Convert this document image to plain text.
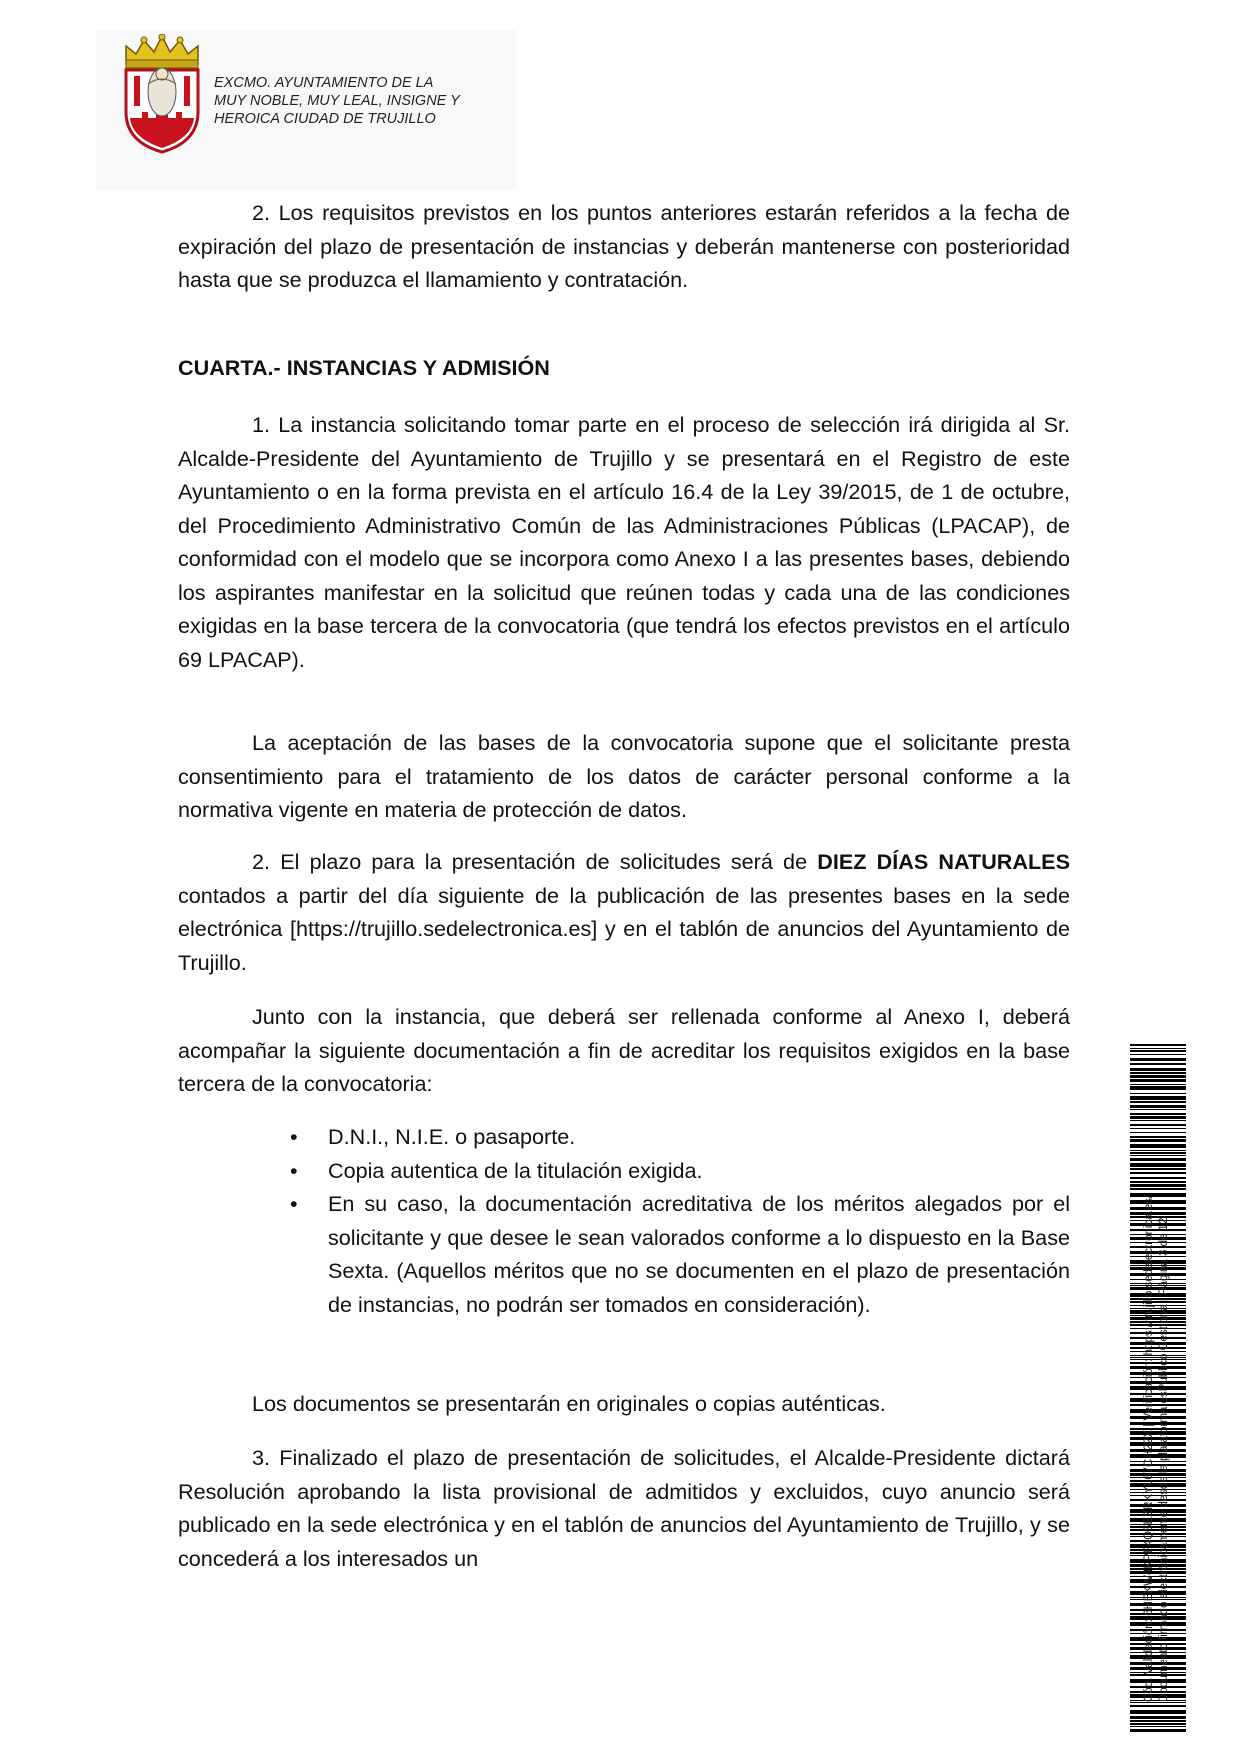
EXCMO. AYUNTAMIENTO DE LA
MUY NOBLE, MUY LEAL, INSIGNE Y
HEROICA CIUDAD DE TRUJILLO

2. Los requisitos previstos en los puntos anteriores estarán referidos a la fecha de expiración del plazo de presentación de instancias y deberán mantenerse con posterioridad hasta que se produzca el llamamiento y contratación.

CUARTA.- INSTANCIAS Y ADMISIÓN

1. La instancia solicitando tomar parte en el proceso de selección irá dirigida al Sr. Alcalde-Presidente del Ayuntamiento de Trujillo y se presentará en el Registro de este Ayuntamiento o en la forma prevista en el artículo 16.4 de la Ley 39/2015, de 1 de octubre, del Procedimiento Administrativo Común de las Administraciones Públicas (LPACAP), de conformidad con el modelo que se incorpora como Anexo I a las presentes bases, debiendo los aspirantes manifestar en la solicitud que reúnen todas y cada una de las condiciones exigidas en la base tercera de la convocatoria (que tendrá los efectos previstos en el artículo 69 LPACAP).

La aceptación de las bases de la convocatoria supone que el solicitante presta consentimiento para el tratamiento de los datos de carácter personal conforme a la normativa vigente en materia de protección de datos.

2. El plazo para la presentación de solicitudes será de DIEZ DÍAS NATURALES contados a partir del día siguiente de la publicación de las presentes bases en la sede electrónica [https://trujillo.sedelectronica.es] y en el tablón de anuncios del Ayuntamiento de Trujillo.

Junto con la instancia, que deberá ser rellenada conforme al Anexo I, deberá acompañar la siguiente documentación a fin de acreditar los requisitos exigidos en la base tercera de la convocatoria:

• D.N.I., N.I.E. o pasaporte.
• Copia autentica de la titulación exigida.
• En su caso, la documentación acreditativa de los méritos alegados por el solicitante y que desee le sean valorados conforme a lo dispuesto en la Base Sexta. (Aquellos méritos que no se documenten en el plazo de presentación de instancias, no podrán ser tomados en consideración).

Los documentos se presentarán en originales o copias auténticas.

3. Finalizado el plazo de presentación de solicitudes, el Alcalde-Presidente dictará Resolución aprobando la lista provisional de admitidos y excluidos, cuyo anuncio será publicado en la sede electrónica y en el tablón de anuncios del Ayuntamiento de Trujillo, y se concederá a los interesados un	Cód. Validación: 6HEKW4KPF4Q5EZRKYL67CH22X | Verificación: https://trujillo.sedelectronica.es/ Documento firmado electrónicamente desde la plataforma esPublico Gestiona | Página 3 de 12
